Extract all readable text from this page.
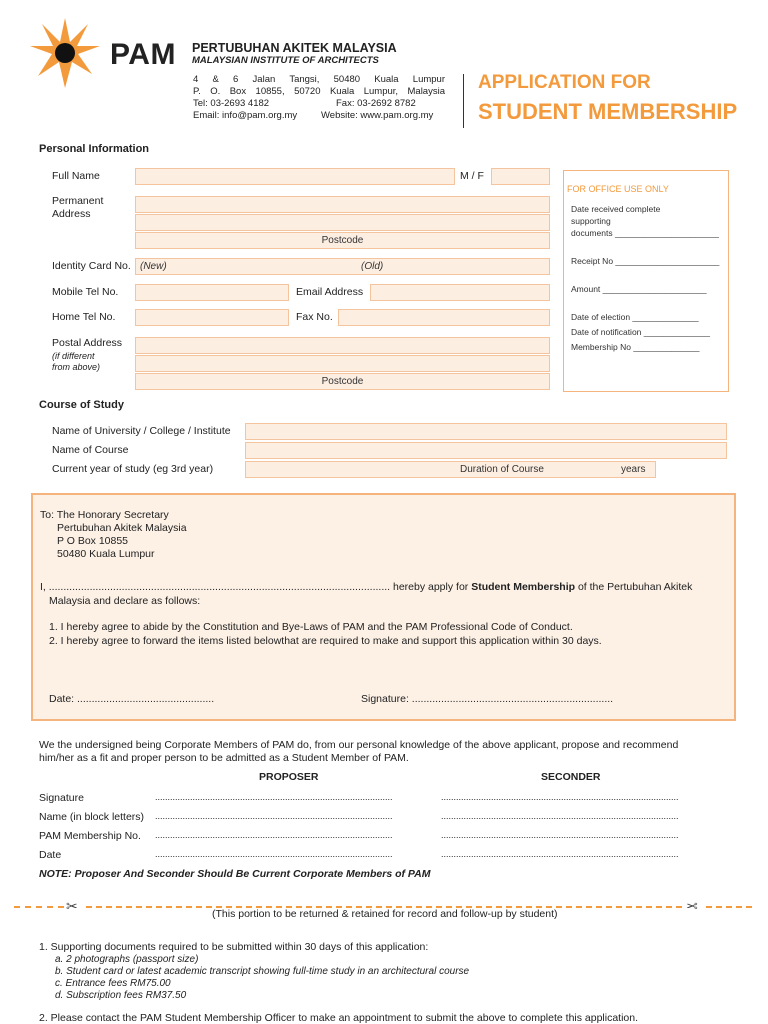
PAM PERTUBUHAN AKITEK MALAYSIA
MALAYSIAN INSTITUTE OF ARCHITECTS
4 & 6 Jalan Tangsi, 50480 Kuala Lumpur
P. O. Box 10855, 50720 Kuala Lumpur, Malaysia
Tel: 03-2693 4182	Fax: 03-2692 8782
Email: info@pam.org.my	Website: www.pam.org.my
APPLICATION FOR
STUDENT MEMBERSHIP
Personal Information
Full Name	M / F
Permanent
Address
Postcode
Identity Card No. (New)	(Old)
Mobile Tel No.	Email Address
Home Tel No.	Fax No.
Postal Address
(if different
from above)
Postcode
FOR OFFICE USE ONLY
Date received complete
supporting
documents ______________________
Receipt No ______________________
Amount ______________________
Date of election ______________
Date of notification ______________
Membership No ______________
Course of Study
Name of University / College / Institute
Name of Course
Current year of study (eg 3rd year)	Duration of Course	years
To: The Honorary Secretary
Pertubuhan Akitek Malaysia
P O Box 10855
50480 Kuala Lumpur
I, ..................................................................................................................... hereby apply for Student Membership of the Pertubuhan Akitek
Malaysia and declare as follows:
1. I hereby agree to abide by the Constitution and Bye-Laws of PAM and the PAM Professional Code of Conduct.
2. I hereby agree to forward the items listed belowthat are required to make and support this application within 30 days.
Date: ...............................................	Signature: .....................................................................
We the undersigned being Corporate Members of PAM do, from our personal knowledge of the above applicant, propose and recommend
him/her as a fit and proper person to be admitted as a Student Member of PAM.
PROPOSER	SECONDER
Signature	...............................................................................................	...............................................................................................
Name (in block letters) ...............................................................................................	...............................................................................................
PAM Membership No. ...............................................................................................	...............................................................................................
Date	...............................................................................................	...............................................................................................
NOTE: Proposer And Seconder Should Be Current Corporate Members of PAM
✂	✂
(This portion to be returned & retained for record and follow-up by student)
1. Supporting documents required to be submitted within 30 days of this application:
a. 2 photographs (passport size)
b. Student card or latest academic transcript showing full-time study in an architectural course
c. Entrance fees RM75.00
d. Subscription fees RM37.50
2. Please contact the PAM Student Membership Officer to make an appointment to submit the above to complete this application.
